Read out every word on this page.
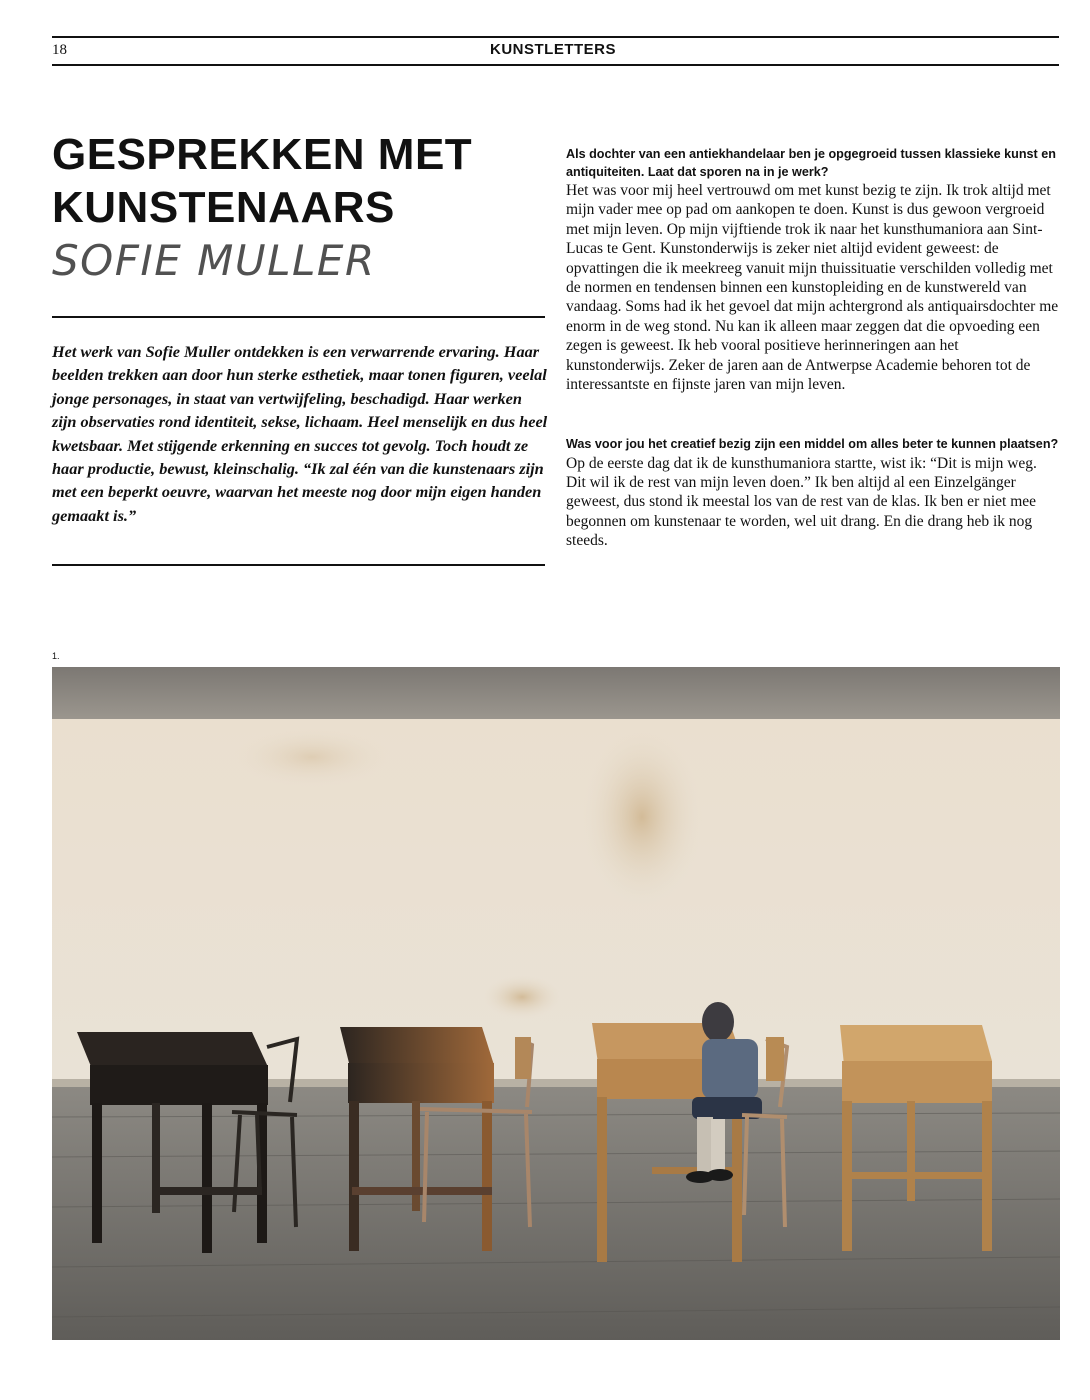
18	KUNSTLETTERS
GESPREKKEN MET
KUNSTENAARS
SOFIE MULLER
Het werk van Sofie Muller ontdekken is een verwarrende ervaring. Haar beelden trekken aan door hun sterke esthetiek, maar tonen figuren, veelal jonge personages, in staat van vertwijfeling, beschadigd. Haar werken zijn observaties rond identiteit, sekse, lichaam. Heel menselijk en dus heel kwetsbaar. Met stijgende erkenning en succes tot gevolg. Toch houdt ze haar productie, bewust, kleinschalig. “Ik zal één van die kunstenaars zijn met een beperkt oeuvre, waarvan het meeste nog door mijn eigen handen gemaakt is.”
Als dochter van een antiekhandelaar ben je opgegroeid tussen klassieke kunst en antiquiteiten. Laat dat sporen na in je werk?

Het was voor mij heel vertrouwd om met kunst bezig te zijn. Ik trok altijd met mijn vader mee op pad om aankopen te doen. Kunst is dus gewoon vergroeid met mijn leven. Op mijn vijftiende trok ik naar het kunsthumaniora aan Sint-Lucas te Gent. Kunstonderwijs is zeker niet altijd evident geweest: de opvattingen die ik meekreeg vanuit mijn thuissituatie verschilden volledig met de normen en tendensen binnen een kunstopleiding en de kunstwereld van vandaag. Soms had ik het gevoel dat mijn achtergrond als antiquairsdochter me enorm in de weg stond. Nu kan ik alleen maar zeggen dat die opvoeding een zegen is geweest. Ik heb vooral positieve herinneringen aan het kunstonderwijs. Zeker de jaren aan de Antwerpse Academie behoren tot de interessantste en fijnste jaren van mijn leven.

Was voor jou het creatief bezig zijn een middel om alles beter te kunnen plaatsen?

Op de eerste dag dat ik de kunsthumaniora startte, wist ik: “Dit is mijn weg. Dit wil ik de rest van mijn leven doen.” Ik ben altijd al een Einzelgänger geweest, dus stond ik meestal los van de rest van de klas. Ik ben er niet mee begonnen om kunstenaar te worden, wel uit drang. En die drang heb ik nog steeds.

1.
